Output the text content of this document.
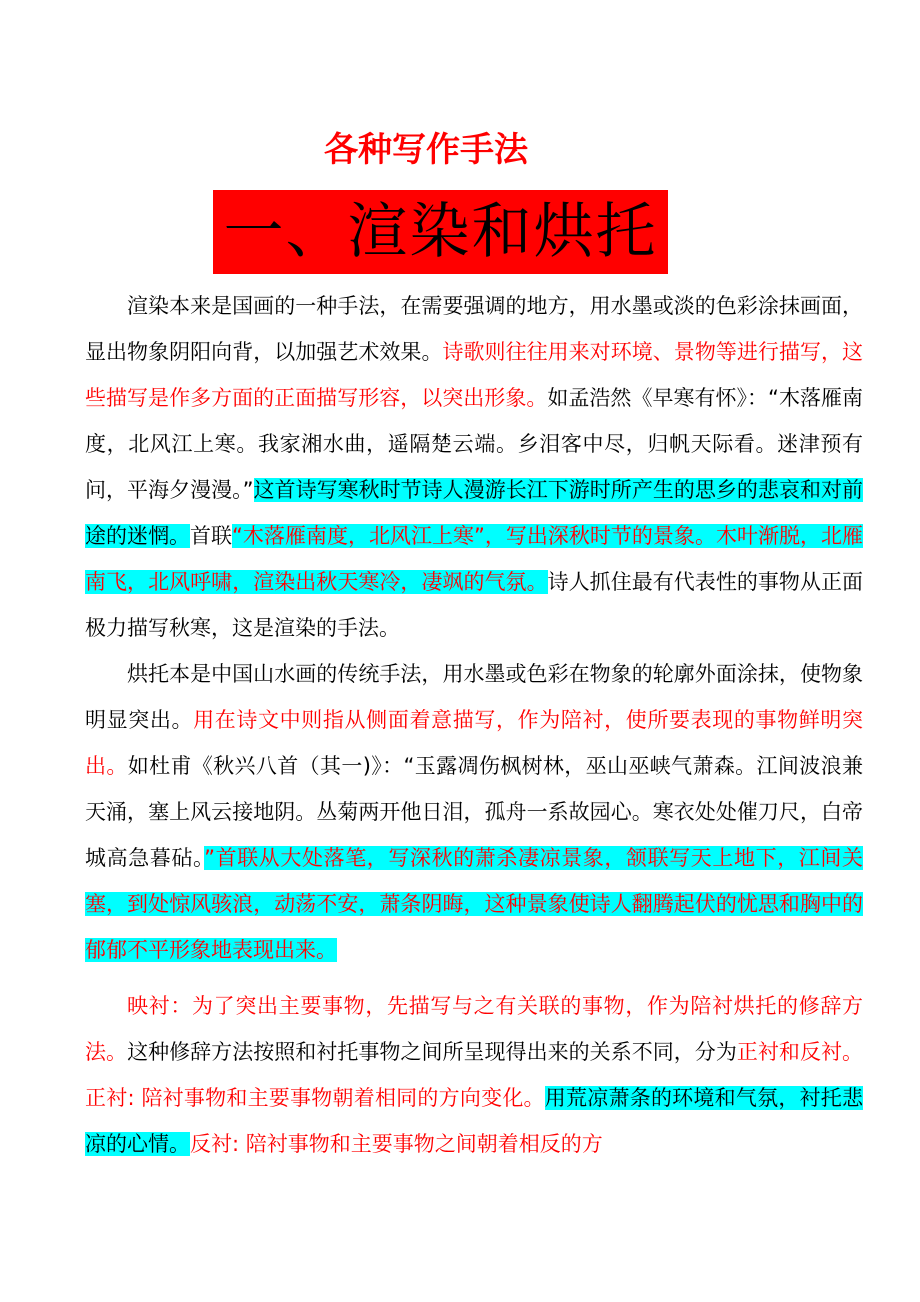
各种写作手法
一、渲染和烘托

渲染本来是国画的一种手法，在需要强调的地方，用水墨或淡的色彩涂抹画面，显出物象阴阳向背，以加强艺术效果。诗歌则往往用来对环境、景物等进行描写，这些描写是作多方面的正面描写形容，以突出形象。如孟浩然《早寒有怀》：“木落雁南度，北风江上寒。我家湘水曲，遥隔楚云端。乡泪客中尽，归帆天际看。迷津预有问，平海夕漫漫。”这首诗写寒秋时节诗人漫游长江下游时所产生的思乡的悲哀和对前途的迷惘。首联“木落雁南度，北风江上寒”，写出深秋时节的景象。木叶渐脱，北雁南飞，北风呼啸，渲染出秋天寒冷，凄飒的气氛。诗人抓住最有代表性的事物从正面极力描写秋寒，这是渲染的手法。

烘托本是中国山水画的传统手法，用水墨或色彩在物象的轮廓外面涂抹，使物象明显突出。用在诗文中则指从侧面着意描写，作为陪衬，使所要表现的事物鲜明突出。如杜甫《秋兴八首（其一)》：“玉露凋伤枫树林，巫山巫峡气萧森。江间波浪兼天涌，塞上风云接地阴。丛菊两开他日泪，孤舟一系故园心。寒衣处处催刀尺，白帝城高急暮砧。”首联从大处落笔，写深秋的萧杀凄凉景象，颔联写天上地下，江间关塞，到处惊风骇浪，动荡不安，萧条阴晦，这种景象使诗人翻腾起伏的忧思和胸中的郁郁不平形象地表现出来。

映衬：为了突出主要事物，先描写与之有关联的事物，作为陪衬烘托的修辞方法。这种修辞方法按照和衬托事物之间所呈现得出来的关系不同，分为正衬和反衬。正衬: 陪衬事物和主要事物朝着相同的方向变化。用荒凉萧条的环境和气氛，衬托悲凉的心情。反衬: 陪衬事物和主要事物之间朝着相反的方
